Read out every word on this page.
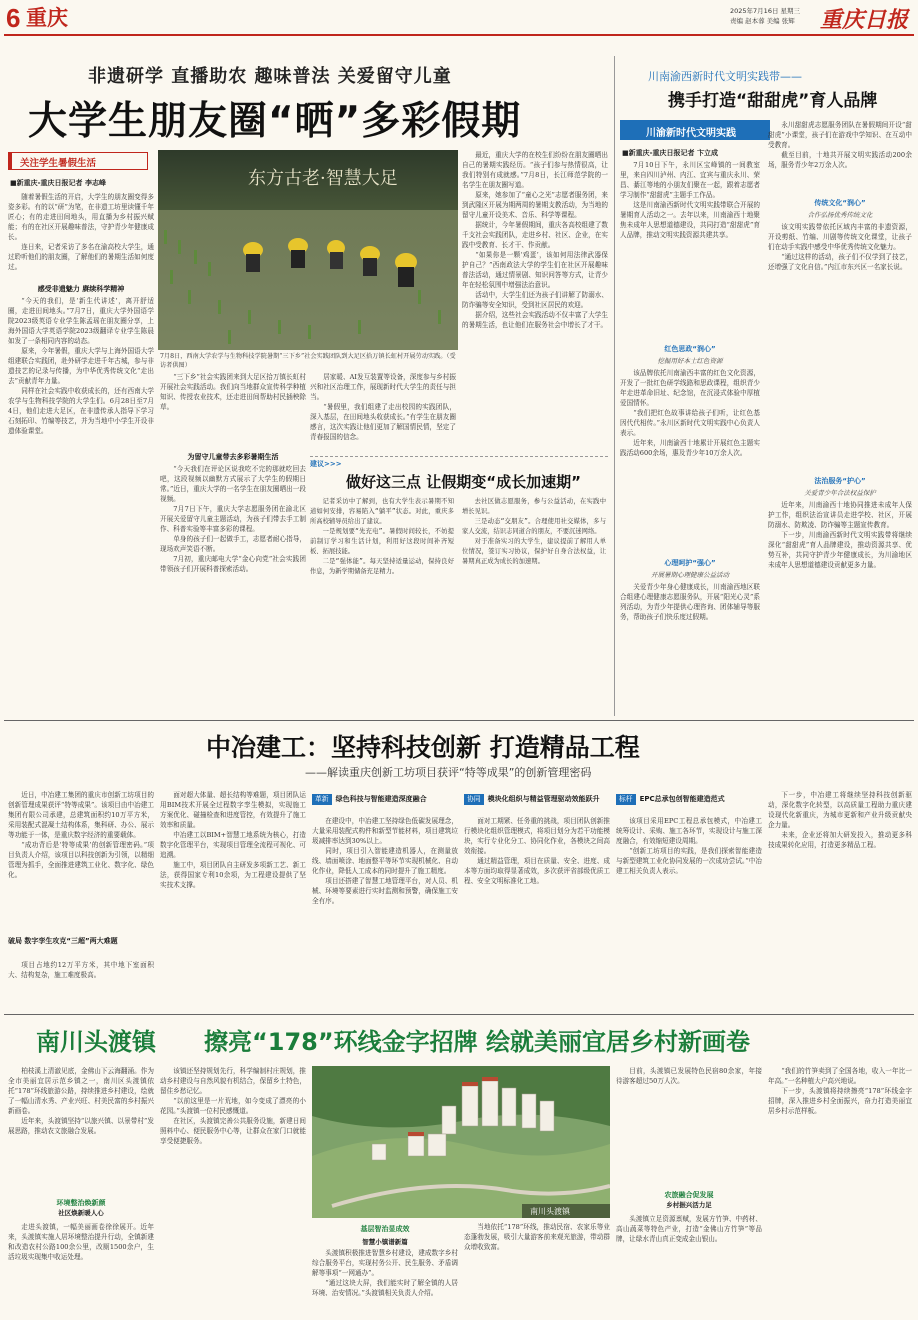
6 重庆	2025年7月16日 星期三
责编 赵本蓉 美编 张辉 重庆日报
非遗研学 直播助农 趣味普法 关爱留守儿童
大学生朋友圈“晒”多彩假期
关注学生暑假生活
■新重庆-重庆日报记者 李志峰

随着暑假生活的开启，大学生的朋友圈变得多姿多彩。有的以“研”为笔，在非遗工坊里读懂千年匠心；有的走进田间地头，用直播为乡村振兴赋能；有的在社区开展趣味普法，守护青少年健康成长。

连日来，记者采访了多名在渝高校大学生，通过聆听他们的朋友圈，了解他们的暑期生活如何度过。

感受非遗魅力 赓续科学精神

“今天的我们，是‘新生代讲述’，离开舒适圈，走进田间地头。”7月7日，重庆大学外国语学院2023级英语专业学生陈孟瑶在朋友圈分享，上海外国语大学英语学院2023级翻译专业学生陈晨如发了一条相同内容的动态。

原来，今年暑假，重庆大学与上海外国语大学组建联合实践团，赴外研学走进千年古城，参与非遗技艺的记录与传播，为中华优秀传统文化“走出去”贡献青年力量。

同样在社会实践中收获成长的，还有西南大学农学与生物科技学院的大学生们。6月28日至7月4日，他们走进大足区，在非遗传承人指导下学习石刻拓印、竹编等技艺，并为当地中小学生开设非遗体验课堂。

东方古老·智慧大足
7月8日，西南大学农学与生物科技学院暑期“三下乡”社会实践团队到大足区拾万镇长虹村开展劳动实践。（受访者供图）

“三下乡”社会实践团来到大足区拾万镇长虹村开展社会实践活动。我们向当地群众宣传科学种植知识、传授农业技术，还走进田间帮助村民插秧除草。

为留守儿童带去多彩暑期生活

“今天我们在评论区说我吃不完的那就吃回去吧，这段视频以幽默方式展示了大学生的假期日常。”近日，重庆大学的一名学生在朋友圈晒出一段视频。

7月7日下午，重庆大学志愿服务团在渝北区开展关爱留守儿童主题活动，为孩子们带去手工制作、科普实验等丰富多彩的课程。

单身的孩子们一起做手工，志愿者耐心指导，现场欢声笑语不断。

7月初，重庆邮电大学“金心向党”社会实践团带领孩子们开展科普探索活动。

居家暖、AI发互装置等设备，深度参与乡村振兴和社区治理工作，展现新时代大学生的责任与担当。

“暑假里，我们组建了走出校园的实践团队，深入基层，在田间地头收获成长。”有学生在朋友圈感言，这次实践让他们更加了解国情民情，坚定了青春报国的信念。

最近，重庆大学的在校生们纷纷在朋友圈晒出自己的暑期实践经历。“孩子们参与热情很高，让我们特别有成就感。”7月8日，长江师范学院的一名学生在朋友圈写道。

原来，她参加了“童心之光”志愿者服务团，来到武隆区开展为期两周的暑期支教活动，为当地的留守儿童开设美术、音乐、科学等课程。

据统计，今年暑假期间，重庆各高校组建了数千支社会实践团队，走进乡村、社区、企业，在实践中受教育、长才干、作贡献。

“如果你是一颗‘鸡蛋’，该如何用法律武器保护自己？”西南政法大学的学生们在社区开展趣味普法活动，通过情景剧、知识问答等方式，让青少年在轻松氛围中增强法治意识。

活动中，大学生们还为孩子们讲解了防溺水、防诈骗等安全知识，受到社区居民的欢迎。

据介绍，这些社会实践活动不仅丰富了大学生的暑期生活，也让他们在服务社会中增长了才干。

建议>>>
做好这三点 让假期变“成长加速期”

记者采访中了解到，也有大学生表示暑期不知道如何安排，容易陷入“躺平”状态。对此，重庆多所高校辅导员给出了建议。

一是规划要“先充电”。暑假时间较长，不妨提前制订学习和生活计划，利用好这段时间补齐短板、拓展技能。

二是“强体能”。每天坚持适量运动，保持良好作息，为新学期储备充足精力。

去社区做志愿服务，参与公益活动，在实践中增长见识。

三是动态“交朋友”。合理使用社交媒体，多与家人交流，结识志同道合的朋友，不要沉迷网络。

对于准备实习的大学生，建议提前了解用人单位情况，签订实习协议，保护好自身合法权益，让暑期真正成为成长的加速期。

川南渝西新时代文明实践带——
携手打造“甜甜虎”育人品牌
川渝新时代文明实践
■新重庆-重庆日报记者 卞立成

7月10日下午，永川区宝峰镇的一间教室里，来自四川泸州、内江、宜宾与重庆永川、荣昌、綦江等地的小朋友们聚在一起，跟着志愿者学习制作“甜甜虎”主题手工作品。

这是川南渝西新时代文明实践带联合开展的暑期育人活动之一。去年以来，川南渝西十地聚焦未成年人思想道德建设，共同打造“甜甜虎”育人品牌，推动文明实践资源共建共享。

红色思政“润心”
挖掘用好本土红色资源

该品牌依托川南渝西丰富的红色文化资源，开发了一批红色研学线路和思政课程，组织青少年走进革命旧址、纪念馆，在沉浸式体验中厚植爱国情怀。

“我们把红色故事讲给孩子们听，让红色基因代代相传。”永川区新时代文明实践中心负责人表示。

近年来，川南渝西十地累计开展红色主题实践活动600余场，惠及青少年10万余人次。

心理呵护“强心”
开展暑期心理健康公益活动

关爱青少年身心健康成长，川南渝西地区联合组建心理健康志愿服务队，开展“阳光心灵”系列活动，为青少年提供心理咨询、团体辅导等服务，帮助孩子们快乐度过假期。

永川甜甜虎志愿服务团队在暑假期间开设“甜甜虎”小课堂，孩子们在游戏中学知识、在互动中受教育。

截至目前，十地共开展文明实践活动200余场，服务青少年2万余人次。

传统文化“润心”
合作弘扬优秀传统文化

该文明实践带依托区域内丰富的非遗资源，开设剪纸、竹编、川剧等传统文化课堂，让孩子们在动手实践中感受中华优秀传统文化魅力。

“通过这样的活动，孩子们不仅学到了技艺，还增强了文化自信。”内江市东兴区一名家长说。

法治服务“护心”
关爱青少年合法权益保护

近年来，川南渝西十地协同推进未成年人保护工作，组织法治宣讲员走进学校、社区，开展防溺水、防欺凌、防诈骗等主题宣传教育。

下一步，川南渝西新时代文明实践带将继续深化“甜甜虎”育人品牌建设，推动资源共享、优势互补，共同守护青少年健康成长，为川渝地区未成年人思想道德建设贡献更多力量。

中冶建工：坚持科技创新 打造精品工程
——解读重庆创新工坊项目获评“特等成果”的创新管理密码

近日，中冶建工集团的重庆市创新工坊项目的创新管理成果获评“特等成果”。该项目由中冶建工集团有限公司承建，总建筑面积约10万平方米，采用装配式混凝土结构体系，集科研、办公、展示等功能于一体，是重庆数字经济的重要载体。

“成功背后是‘特等成果’的创新管理密码。”项目负责人介绍，该项目以科技创新为引领，以精细管理为抓手，全面推进建筑工业化、数字化、绿色化。

破局 数字孪生攻克“三超”两大难题

项目占地约12万平方米，其中地下室面积大、结构复杂，施工难度极高。

面对超大体量、超长结构等难题，项目团队运用BIM技术开展全过程数字孪生模拟，实现施工方案优化、碰撞检查和进度管控，有效提升了施工效率和质量。

中冶建工以BIM+智慧工地系统为核心，打造数字化管理平台，实现项目管理全流程可视化、可追溯。

施工中，项目团队自主研发多项新工艺、新工法，获得国家专利10余项，为工程建设提供了坚实技术支撑。

革新 绿色科技与智能建造深度融合

在建设中，中冶建工坚持绿色低碳发展理念，大量采用装配式构件和新型节能材料，项目建筑垃圾减排率达到30%以上。

同时，项目引入智能建造机器人，在测量放线、墙面喷涂、地面整平等环节实现机械化、自动化作业，降低人工成本的同时提升了施工精度。

项目还搭建了智慧工地管理平台，对人员、机械、环境等要素进行实时监测和预警，确保施工安全有序。

协同 模块化组织与精益管理驱动效能跃升

面对工期紧、任务重的挑战，项目团队创新推行模块化组织管理模式，将项目划分为若干功能模块，实行专业化分工、协同化作业，各模块之间高效衔接。

通过精益管理，项目在质量、安全、进度、成本等方面均取得显著成效，多次获评省部级优质工程、安全文明标准化工地。

标杆 EPC总承包创智能建造范式

该项目采用EPC工程总承包模式，中冶建工统筹设计、采购、施工各环节，实现设计与施工深度融合，有效缩短建设周期。

“创新工坊项目的实践，是我们探索智能建造与新型建筑工业化协同发展的一次成功尝试。”中冶建工相关负责人表示。

下一步，中冶建工将继续坚持科技创新驱动，深化数字化转型，以高质量工程助力重庆建设现代化新重庆，为城市更新和产业升级贡献央企力量。

未来，企业还将加大研发投入，推动更多科技成果转化应用，打造更多精品工程。

南川头渡镇 擦亮“178”环线金字招牌 绘就美丽宜居乡村新画卷

柏枝溪上清澈见底，金佛山下云海翻涌。作为全市美丽宜居示范乡镇之一，南川区头渡镇依托“178”环线旅游公路，持续推进乡村建设，绘就了一幅山清水秀、产业兴旺、村美民富的乡村振兴新画卷。

近年来，头渡镇坚持“以旅兴镇、以景带村”发展思路，推动农文旅融合发展。

环境整治焕新颜
社区焕新暖人心

走进头渡镇，一幅美丽画卷徐徐展开。近年来，头渡镇实施人居环境整治提升行动，全镇新建和改造农村公路100余公里，改厕1500余户，生活垃圾实现集中收运处理。

该镇还坚持规划先行，科学编制村庄规划，推动乡村建设与自然风貌有机结合，保留乡土特色，留住乡愁记忆。

“以前这里是一片荒地，如今变成了漂亮的小花园。”头渡镇一位村民感慨道。

在社区，头渡镇完善公共服务设施，新建日间照料中心、便民服务中心等，让群众在家门口就能享受便捷服务。

南川头渡镇
基层智治显成效
智慧小镇谱新篇

头渡镇积极推进智慧乡村建设，建成数字乡村综合服务平台，实现村务公开、民生服务、矛盾调解等事项“一网通办”。

“通过这块大屏，我们能实时了解全镇的人居环境、治安情况。”头渡镇相关负责人介绍。

当地依托“178”环线，推动民宿、农家乐等业态蓬勃发展，吸引大量游客前来观光旅游，带动群众增收致富。

目前，头渡镇已发展特色民宿80余家，年接待游客超过50万人次。

农旅融合促发展
乡村振兴活力足

头渡镇立足资源禀赋，发展方竹笋、中药材、高山蔬菜等特色产业，打造“金佛山方竹笋”等品牌，让绿水青山真正变成金山银山。

“我们的竹笋卖到了全国各地，收入一年比一年高。”一名种植大户高兴地说。

下一步，头渡镇将持续擦亮“178”环线金字招牌，深入推进乡村全面振兴，奋力打造美丽宜居乡村示范样板。
